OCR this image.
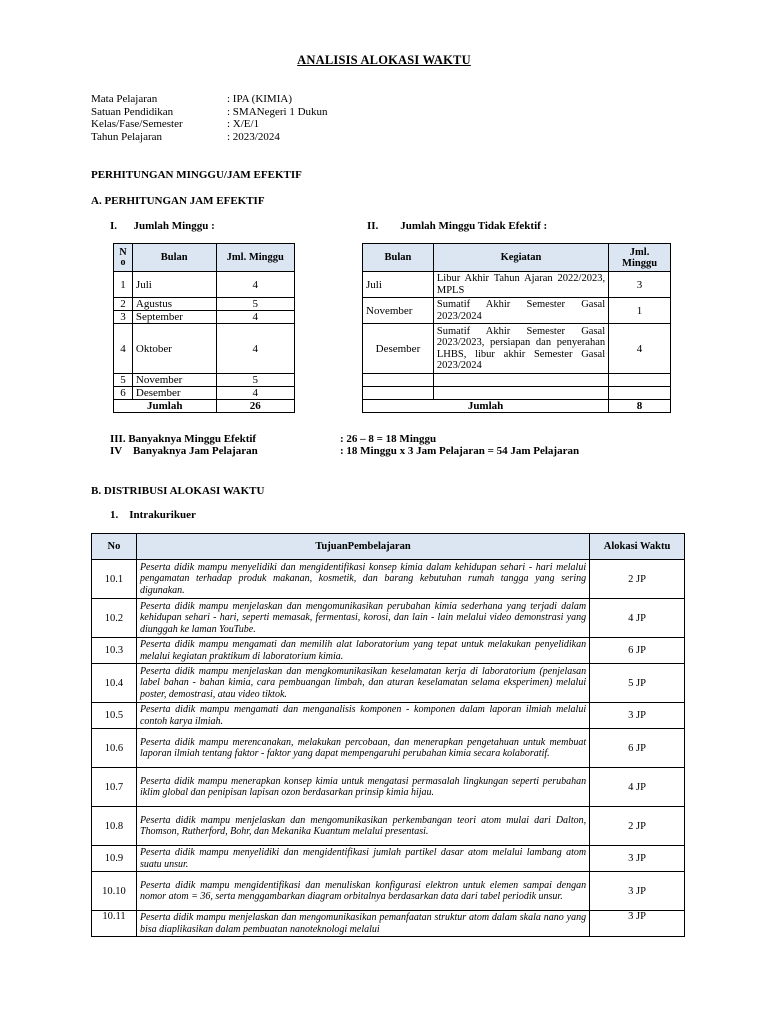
ANALISIS ALOKASI WAKTU
Mata Pelajaran	: IPA (KIMIA)
Satuan Pendidikan	: SMANegeri 1 Dukun
Kelas/Fase/Semester	: X/E/1
Tahun Pelajaran	: 2023/2024
PERHITUNGAN MINGGU/JAM EFEKTIF
A. PERHITUNGAN JAM EFEKTIF
I.      Jumlah Minggu :	II.        Jumlah Minggu Tidak Efektif :
N o	Bulan	Jml. Minggu
1	Juli	4
2	Agustus	5
3	September	4
4	Oktober	4
5	November	5
6	Desember	4
Jumlah		26
Bulan	Kegiatan	Jml. Minggu
Juli	Libur Akhir Tahun Ajaran 2022/2023, MPLS	3
November	Sumatif Akhir Semester Gasal 2023/2024	1
Desember	Sumatif Akhir Semester Gasal 2023/2023, persiapan dan penyerahan LHBS, libur akhir Semester Gasal 2023/2024	4

Jumlah		8
III. Banyaknya Minggu Efektif	: 26 – 8 = 18 Minggu
IV    Banyaknya Jam Pelajaran	: 18 Minggu x 3 Jam Pelajaran = 54 Jam Pelajaran
B. DISTRIBUSI ALOKASI WAKTU
1.    Intrakurikuer
No	TujuanPembelajaran	Alokasi Waktu
10.1	Peserta didik mampu menyelidiki dan mengidentifikasi konsep kimia dalam kehidupan sehari - hari melalui pengamatan terhadap produk makanan, kosmetik, dan barang kebutuhan rumah tangga yang sering digunakan.	2 JP
10.2	Peserta didik mampu menjelaskan dan mengomunikasikan perubahan kimia sederhana yang terjadi dalam kehidupan sehari - hari, seperti memasak, fermentasi, korosi, dan lain - lain melalui video demonstrasi yang diunggah ke laman YouTube.	4 JP
10.3	Peserta didik mampu mengamati dan memilih alat laboratorium yang tepat untuk melakukan penyelidikan melalui kegiatan praktikum di laboratorium kimia.	6 JP
10.4	Peserta didik mampu menjelaskan dan mengkomunikasikan keselamatan kerja di laboratorium (penjelasan label bahan - bahan kimia, cara pembuangan limbah, dan aturan keselamatan selama eksperimen) melalui poster, demostrasi, atau video tiktok.	5 JP
10.5	Peserta didik mampu mengamati dan menganalisis komponen - komponen dalam laporan ilmiah melalui contoh karya ilmiah.	3 JP
10.6	Peserta didik mampu merencanakan, melakukan percobaan, dan menerapkan pengetahuan untuk membuat laporan ilmiah tentang faktor - faktor yang dapat mempengaruhi perubahan kimia secara kolaboratif.	6 JP
10.7	Peserta didik mampu menerapkan konsep kimia untuk mengatasi permasalah lingkungan seperti perubahan iklim global dan penipisan lapisan ozon berdasarkan prinsip kimia hijau.	4 JP
10.8	Peserta didik mampu menjelaskan dan mengomunikasikan perkembangan teori atom mulai dari Dalton, Thomson, Rutherford, Bohr, dan Mekanika Kuantum melalui presentasi.	2 JP
10.9	Peserta didik mampu menyelidiki dan mengidentifikasi jumlah partikel dasar atom melalui lambang atom suatu unsur.	3 JP
10.10	Peserta didik mampu mengidentifikasi dan menuliskan konfigurasi elektron untuk elemen sampai dengan nomor atom = 36, serta menggambarkan diagram orbitalnya berdasarkan data dari tabel periodik unsur.	3 JP
10.11	Peserta didik mampu menjelaskan dan mengomunikasikan pemanfaatan struktur atom dalam skala nano yang bisa diaplikasikan dalam pembuatan nanoteknologi melalui	3 JP
